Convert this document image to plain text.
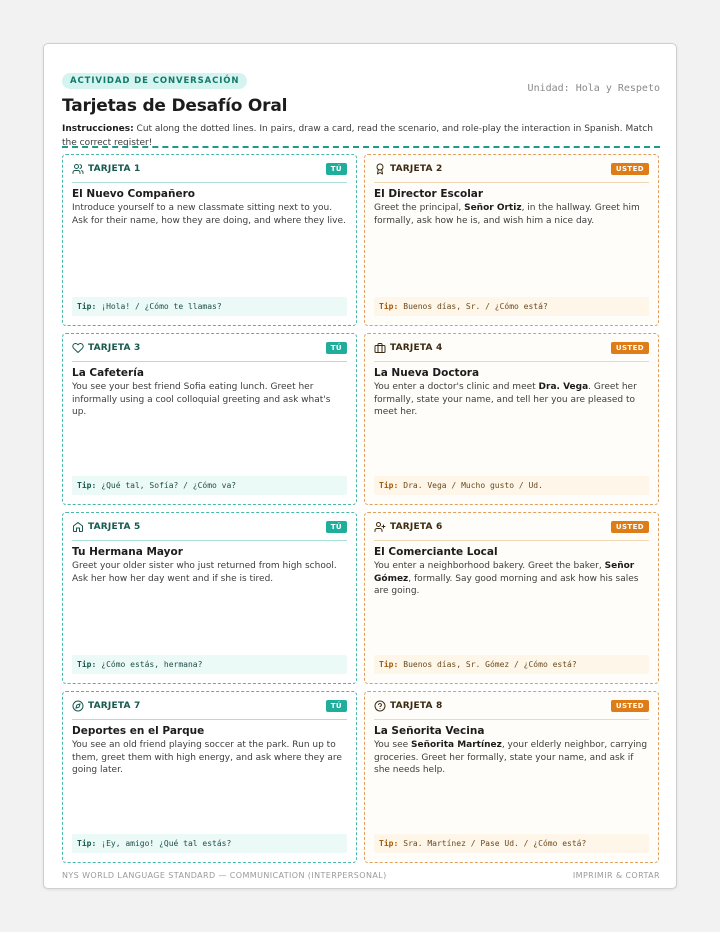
ACTIVIDAD DE CONVERSACIÓN
Unidad: Hola y Respeto
Tarjetas de Desafío Oral
Instrucciones: Cut along the dotted lines. In pairs, draw a card, read the scenario, and role-play the interaction in Spanish. Match the correct register!
TARJETA 1	TÚ
El Nuevo Compañero
Introduce yourself to a new classmate sitting next to you. Ask for their name, how they are doing, and where they live.
Tip: ¡Hola! / ¿Cómo te llamas?
TARJETA 2	USTED
El Director Escolar
Greet the principal, Señor Ortiz, in the hallway. Greet him formally, ask how he is, and wish him a nice day.
Tip: Buenos días, Sr. / ¿Cómo está?
TARJETA 3	TÚ
La Cafetería
You see your best friend Sofia eating lunch. Greet her informally using a cool colloquial greeting and ask what's up.
Tip: ¿Qué tal, Sofía? / ¿Cómo va?
TARJETA 4	USTED
La Nueva Doctora
You enter a doctor's clinic and meet Dra. Vega. Greet her formally, state your name, and tell her you are pleased to meet her.
Tip: Dra. Vega / Mucho gusto / Ud.
TARJETA 5	TÚ
Tu Hermana Mayor
Greet your older sister who just returned from high school. Ask her how her day went and if she is tired.
Tip: ¿Cómo estás, hermana?
TARJETA 6	USTED
El Comerciante Local
You enter a neighborhood bakery. Greet the baker, Señor Gómez, formally. Say good morning and ask how his sales are going.
Tip: Buenos días, Sr. Gómez / ¿Cómo está?
TARJETA 7	TÚ
Deportes en el Parque
You see an old friend playing soccer at the park. Run up to them, greet them with high energy, and ask where they are going later.
Tip: ¡Ey, amigo! ¿Qué tal estás?
TARJETA 8	USTED
La Señorita Vecina
You see Señorita Martínez, your elderly neighbor, carrying groceries. Greet her formally, state your name, and ask if she needs help.
Tip: Sra. Martínez / Pase Ud. / ¿Cómo está?
NYS WORLD LANGUAGE STANDARD — COMMUNICATION (INTERPERSONAL)	IMPRIMIR & CORTAR
